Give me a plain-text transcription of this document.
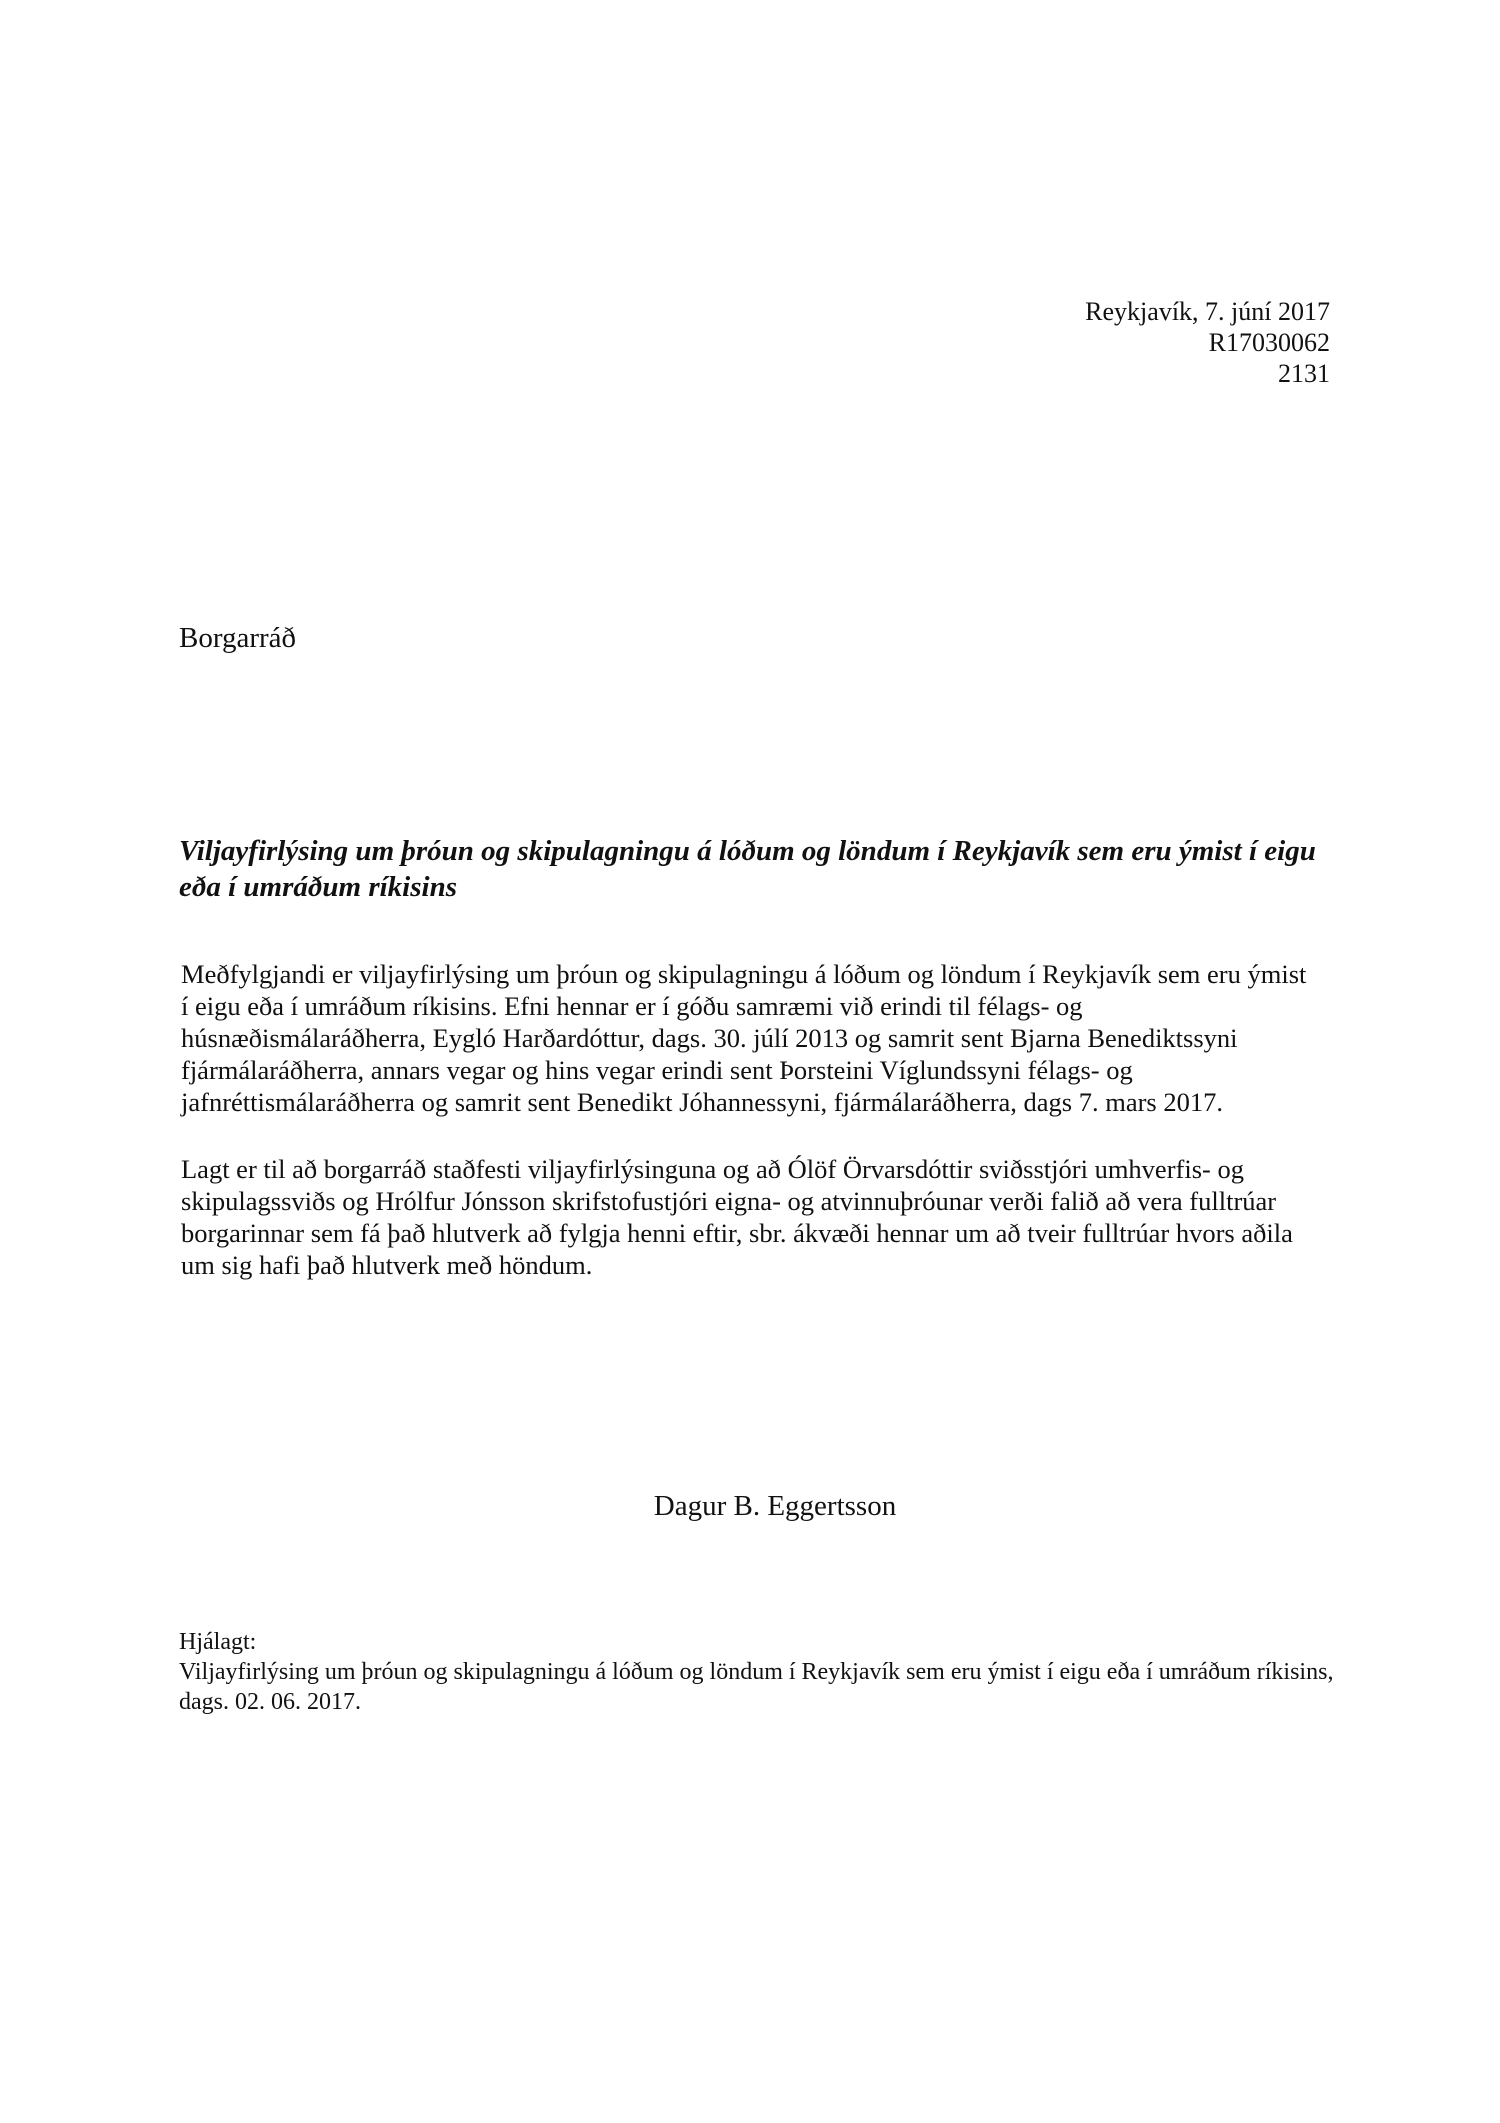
Reykjavík, 7. júní 2017
R17030062
2131
Borgarráð
Viljayfirlýsing um þróun og skipulagningu á lóðum og löndum í Reykjavík sem eru ýmist í eigu eða í umráðum ríkisins
Meðfylgjandi er viljayfirlýsing um þróun og skipulagningu á lóðum og löndum í Reykjavík sem eru ýmist í eigu eða í umráðum ríkisins. Efni hennar er í góðu samræmi við erindi til félags- og húsnæðismálaráðherra, Eygló Harðardóttur, dags. 30. júlí 2013 og samrit sent Bjarna Benediktssyni fjármálaráðherra, annars vegar og hins vegar erindi sent Þorsteini Víglundssyni félags- og jafnréttismálaráðherra og samrit sent Benedikt Jóhannessyni, fjármálaráðherra, dags 7. mars 2017.
Lagt er til að borgarráð staðfesti viljayfirlýsinguna og að Ólöf Örvarsdóttir sviðsstjóri umhverfis- og skipulagssviðs og Hrólfur Jónsson skrifstofustjóri eigna- og atvinnuþróunar verði falið að vera fulltrúar borgarinnar sem fá það hlutverk að fylgja henni eftir, sbr. ákvæði hennar um að tveir fulltrúar hvors aðila um sig hafi það hlutverk með höndum.
Dagur B. Eggertsson
Hjálagt:
Viljayfirlýsing um þróun og skipulagningu á lóðum og löndum í Reykjavík sem eru ýmist í eigu eða í umráðum ríkisins, dags. 02. 06. 2017.
